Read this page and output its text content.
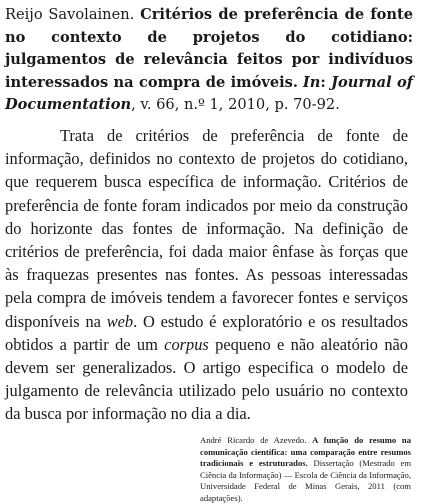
Reijo Savolainen. Critérios de preferência de fonte no contexto de projetos do cotidiano: julgamentos de relevância feitos por indivíduos interessados na compra de imóveis. In: Journal of Documentation, v. 66, n.º 1, 2010, p. 70-92.

Trata de critérios de preferência de fonte de informação, definidos no contexto de projetos do cotidiano, que requerem busca específica de informação. Critérios de preferência de fonte foram indicados por meio da construção do horizonte das fontes de informação. Na definição de critérios de preferência, foi dada maior ênfase às forças que às fraquezas presentes nas fontes. As pessoas interessadas pela compra de imóveis tendem a favorecer fontes e serviços disponíveis na web. O estudo é exploratório e os resultados obtidos a partir de um corpus pequeno e não aleatório não devem ser generalizados. O artigo especifica o modelo de julgamento de relevância utilizado pelo usuário no contexto da busca por informação no dia a dia.

André Ricardo de Azevedo. A função do resumo na comunicação científica: uma comparação entre resumos tradicionais e estruturados. Dissertação (Mestrado em Ciência da Informação) — Escola de Ciência da Informação, Universidade Federal de Minas Gerais, 2011 (com adaptações).
